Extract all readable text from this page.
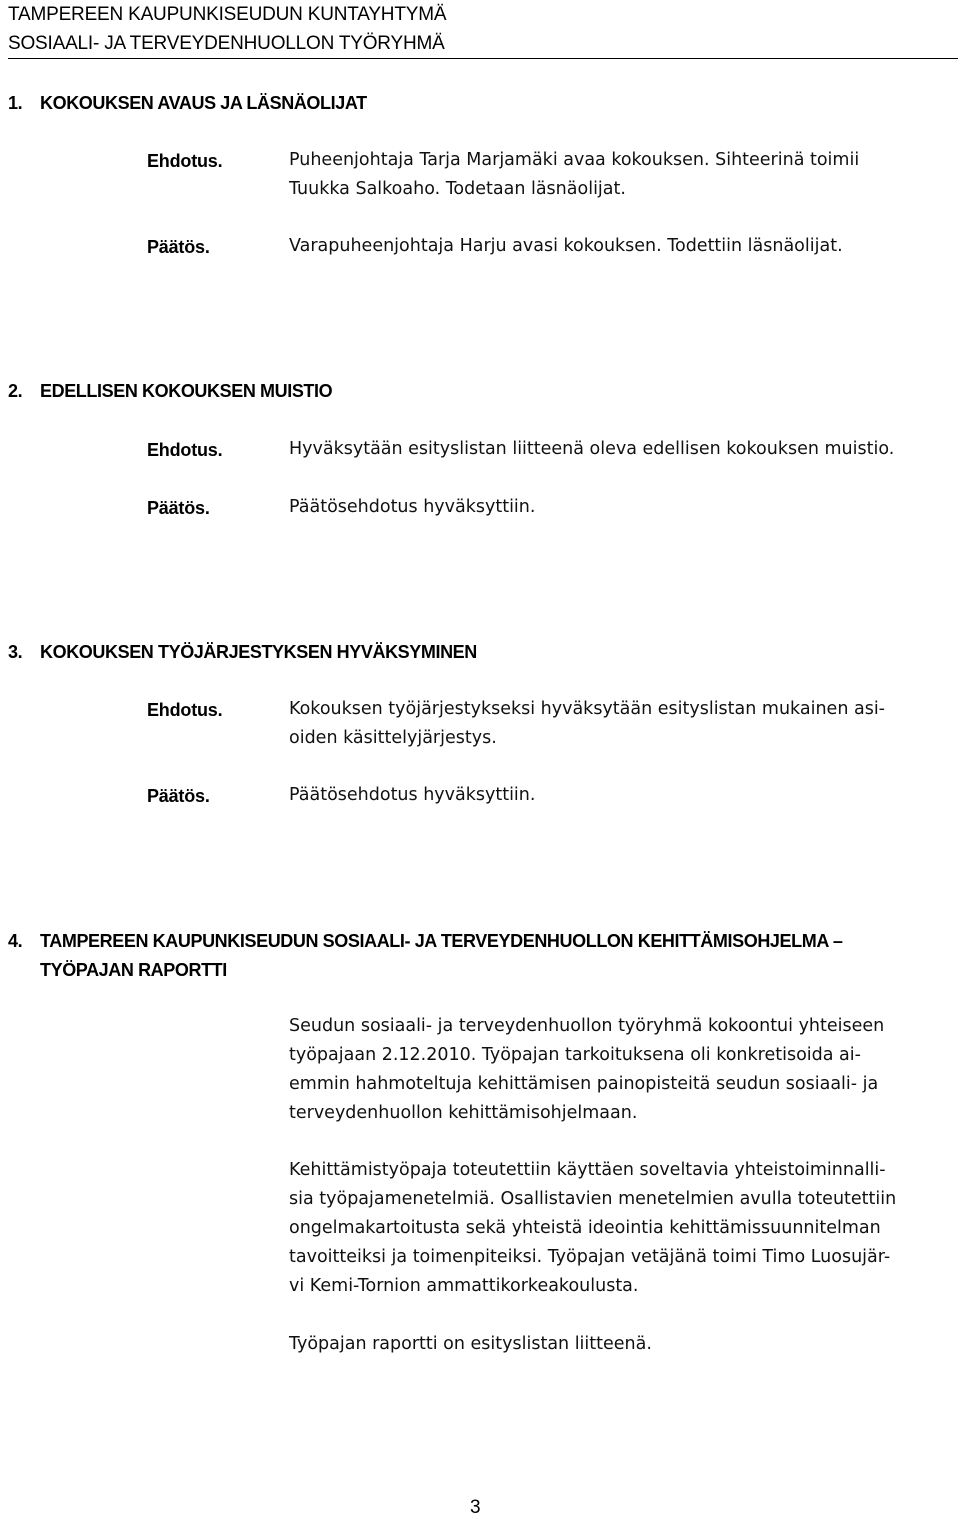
TAMPEREEN KAUPUNKISEUDUN KUNTAYHTYMÄ
SOSIAALI- JA TERVEYDENHUOLLON TYÖRYHMÄ
1. KOKOUKSEN AVAUS JA LÄSNÄOLIJAT
Ehdotus.	Puheenjohtaja Tarja Marjamäki avaa kokouksen. Sihteerinä toimii
Tuukka Salkoaho. Todetaan läsnäolijat.
Päätös.	Varapuheenjohtaja Harju avasi kokouksen. Todettiin läsnäolijat.
2. EDELLISEN KOKOUKSEN MUISTIO
Ehdotus.	Hyväksytään esityslistan liitteenä oleva edellisen kokouksen muistio.
Päätös.	Päätösehdotus hyväksyttiin.
3. KOKOUKSEN TYÖJÄRJESTYKSEN HYVÄKSYMINEN
Ehdotus.	Kokouksen työjärjestykseksi hyväksytään esityslistan mukainen asi-
oiden käsittelyjärjestys.
Päätös.	Päätösehdotus hyväksyttiin.
4. TAMPEREEN KAUPUNKISEUDUN SOSIAALI- JA TERVEYDENHUOLLON KEHITTÄMISOHJELMA –
TYÖPAJAN RAPORTTI
Seudun sosiaali- ja terveydenhuollon työryhmä kokoontui yhteiseen
työpajaan 2.12.2010. Työpajan tarkoituksena oli konkretisoida ai-
emmin hahmoteltuja kehittämisen painopisteitä seudun sosiaali- ja
terveydenhuollon kehittämisohjelmaan.
Kehittämistyöpaja toteutettiin käyttäen soveltavia yhteistoiminnalli-
sia työpajamenetelmiä. Osallistavien menetelmien avulla toteutettiin
ongelmakartoitusta sekä yhteistä ideointia kehittämissuunnitelman
tavoitteiksi ja toimenpiteiksi. Työpajan vetäjänä toimi Timo Luosujär-
vi Kemi-Tornion ammattikorkeakoulusta.
Työpajan raportti on esityslistan liitteenä.
3
